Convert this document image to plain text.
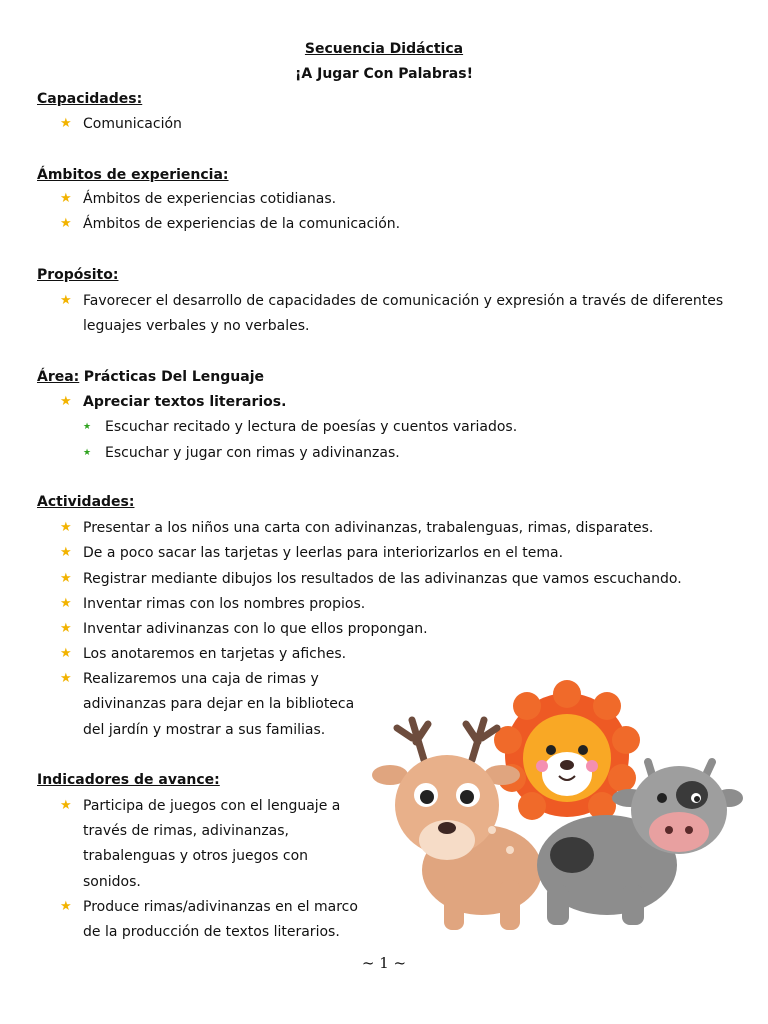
Secuencia Didáctica
¡A Jugar Con Palabras!
Capacidades:
★ Comunicación
Ámbitos de experiencia:
★ Ámbitos de experiencias cotidianas.
★ Ámbitos de experiencias de la comunicación.
Propósito:
★ Favorecer el desarrollo de capacidades de comunicación y expresión a través de diferentes
leguajes verbales y no verbales.
Área: Prácticas Del Lenguaje
★ Apreciar textos literarios.
★ Escuchar recitado y lectura de poesías y cuentos variados.
★ Escuchar y jugar con rimas y adivinanzas.
Actividades:
★ Presentar a los niños una carta con adivinanzas, trabalenguas, rimas, disparates.
★ De a poco sacar las tarjetas y leerlas para interiorizarlos en el tema.
★ Registrar mediante dibujos los resultados de las adivinanzas que vamos escuchando.
★ Inventar rimas con los nombres propios.
★ Inventar adivinanzas con lo que ellos propongan.
★ Los anotaremos en tarjetas y afiches.
★ Realizaremos una caja de rimas y
adivinanzas para dejar en la biblioteca
del jardín y mostrar a sus familias.
Indicadores de avance:
★ Participa de juegos con el lenguaje a
través de rimas, adivinanzas,
trabalenguas y otros juegos con
sonidos.
★ Produce rimas/adivinanzas en el marco
de la producción de textos literarios.
~ 1 ~
